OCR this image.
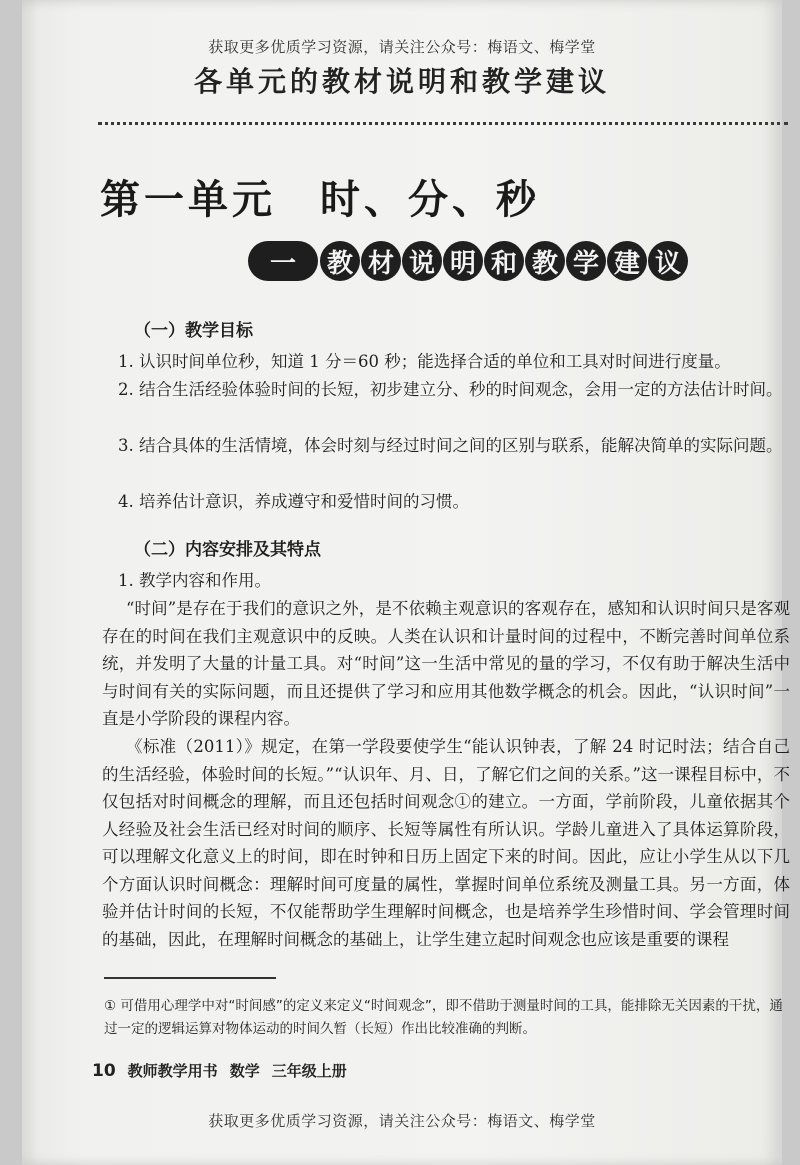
获取更多优质学习资源，请关注公众号：梅语文、梅学堂
各单元的教材说明和教学建议
第一单元　时、分、秒
一	教 材 说 明 和 教 学 建 议
（一）教学目标
1. 认识时间单位秒，知道 1 分＝60 秒；能选择合适的单位和工具对时间进行度量。
2. 结合生活经验体验时间的长短，初步建立分、秒的时间观念，会用一定的方法估计时间。
3. 结合具体的生活情境，体会时刻与经过时间之间的区别与联系，能解决简单的实际问题。
4. 培养估计意识，养成遵守和爱惜时间的习惯。
（二）内容安排及其特点
1. 教学内容和作用。
“时间”是存在于我们的意识之外，是不依赖主观意识的客观存在，感知和认识时间只是客观存在的时间在我们主观意识中的反映。人类在认识和计量时间的过程中，不断完善时间单位系统，并发明了大量的计量工具。对“时间”这一生活中常见的量的学习，不仅有助于解决生活中与时间有关的实际问题，而且还提供了学习和应用其他数学概念的机会。因此，“认识时间”一直是小学阶段的课程内容。
《标准（2011）》规定，在第一学段要使学生“能认识钟表，了解 24 时记时法；结合自己的生活经验，体验时间的长短。”“认识年、月、日，了解它们之间的关系。”这一课程目标中，不仅包括对时间概念的理解，而且还包括时间观念①的建立。一方面，学前阶段，儿童依据其个人经验及社会生活已经对时间的顺序、长短等属性有所认识。学龄儿童进入了具体运算阶段，可以理解文化意义上的时间，即在时钟和日历上固定下来的时间。因此，应让小学生从以下几个方面认识时间概念：理解时间可度量的属性，掌握时间单位系统及测量工具。另一方面，体验并估计时间的长短，不仅能帮助学生理解时间概念，也是培养学生珍惜时间、学会管理时间的基础，因此，在理解时间概念的基础上，让学生建立起时间观念也应该是重要的课程
① 可借用心理学中对“时间感”的定义来定义“时间观念”，即不借助于测量时间的工具，能排除无关因素的干扰，通过一定的逻辑运算对物体运动的时间久暂（长短）作出比较准确的判断。
10 教师教学用书 数学 三年级上册
获取更多优质学习资源，请关注公众号：梅语文、梅学堂
